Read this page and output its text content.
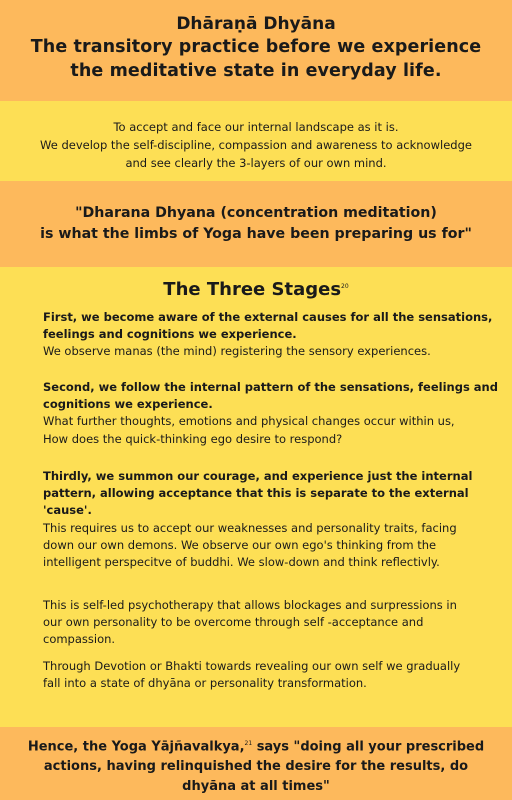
Dhāraṇā Dhyāna
The transitory practice before we experience
the meditative state in everyday life.
To accept and face our internal landscape as it is.
We develop the self-discipline, compassion and awareness to acknowledge
and see clearly the 3-layers of our own mind.
"Dharana Dhyana (concentration meditation)
is what the limbs of Yoga have been preparing us for"
The Three Stages$^{20}$
First, we become aware of the external causes for all the sensations,
feelings and cognitions we experience.
We observe manas (the mind) registering the sensory experiences.
Second, we follow the internal pattern of the sensations, feelings and
cognitions we experience.
What further thoughts, emotions and physical changes occur within us,
How does the quick-thinking ego desire to respond?
Thirdly, we summon our courage, and experience just the internal
pattern, allowing acceptance that this is separate to the external
'cause'.
This requires us to accept our weaknesses and personality traits, facing
down our own demons. We observe our own ego's thinking from the
intelligent perspecitve of buddhi. We slow-down and think reflectivly.
This is self-led psychotherapy that allows blockages and surpressions in
our own personality to be overcome through self -acceptance and
compassion.
Through Devotion or Bhakti towards revealing our own self we gradually
fall into a state of dhyāna or personality transformation.
Hence, the Yoga Yājñavalkya,$^{21}$ says "doing all your prescribed
actions, having relinquished the desire for the results, do
dhyāna at all times"
